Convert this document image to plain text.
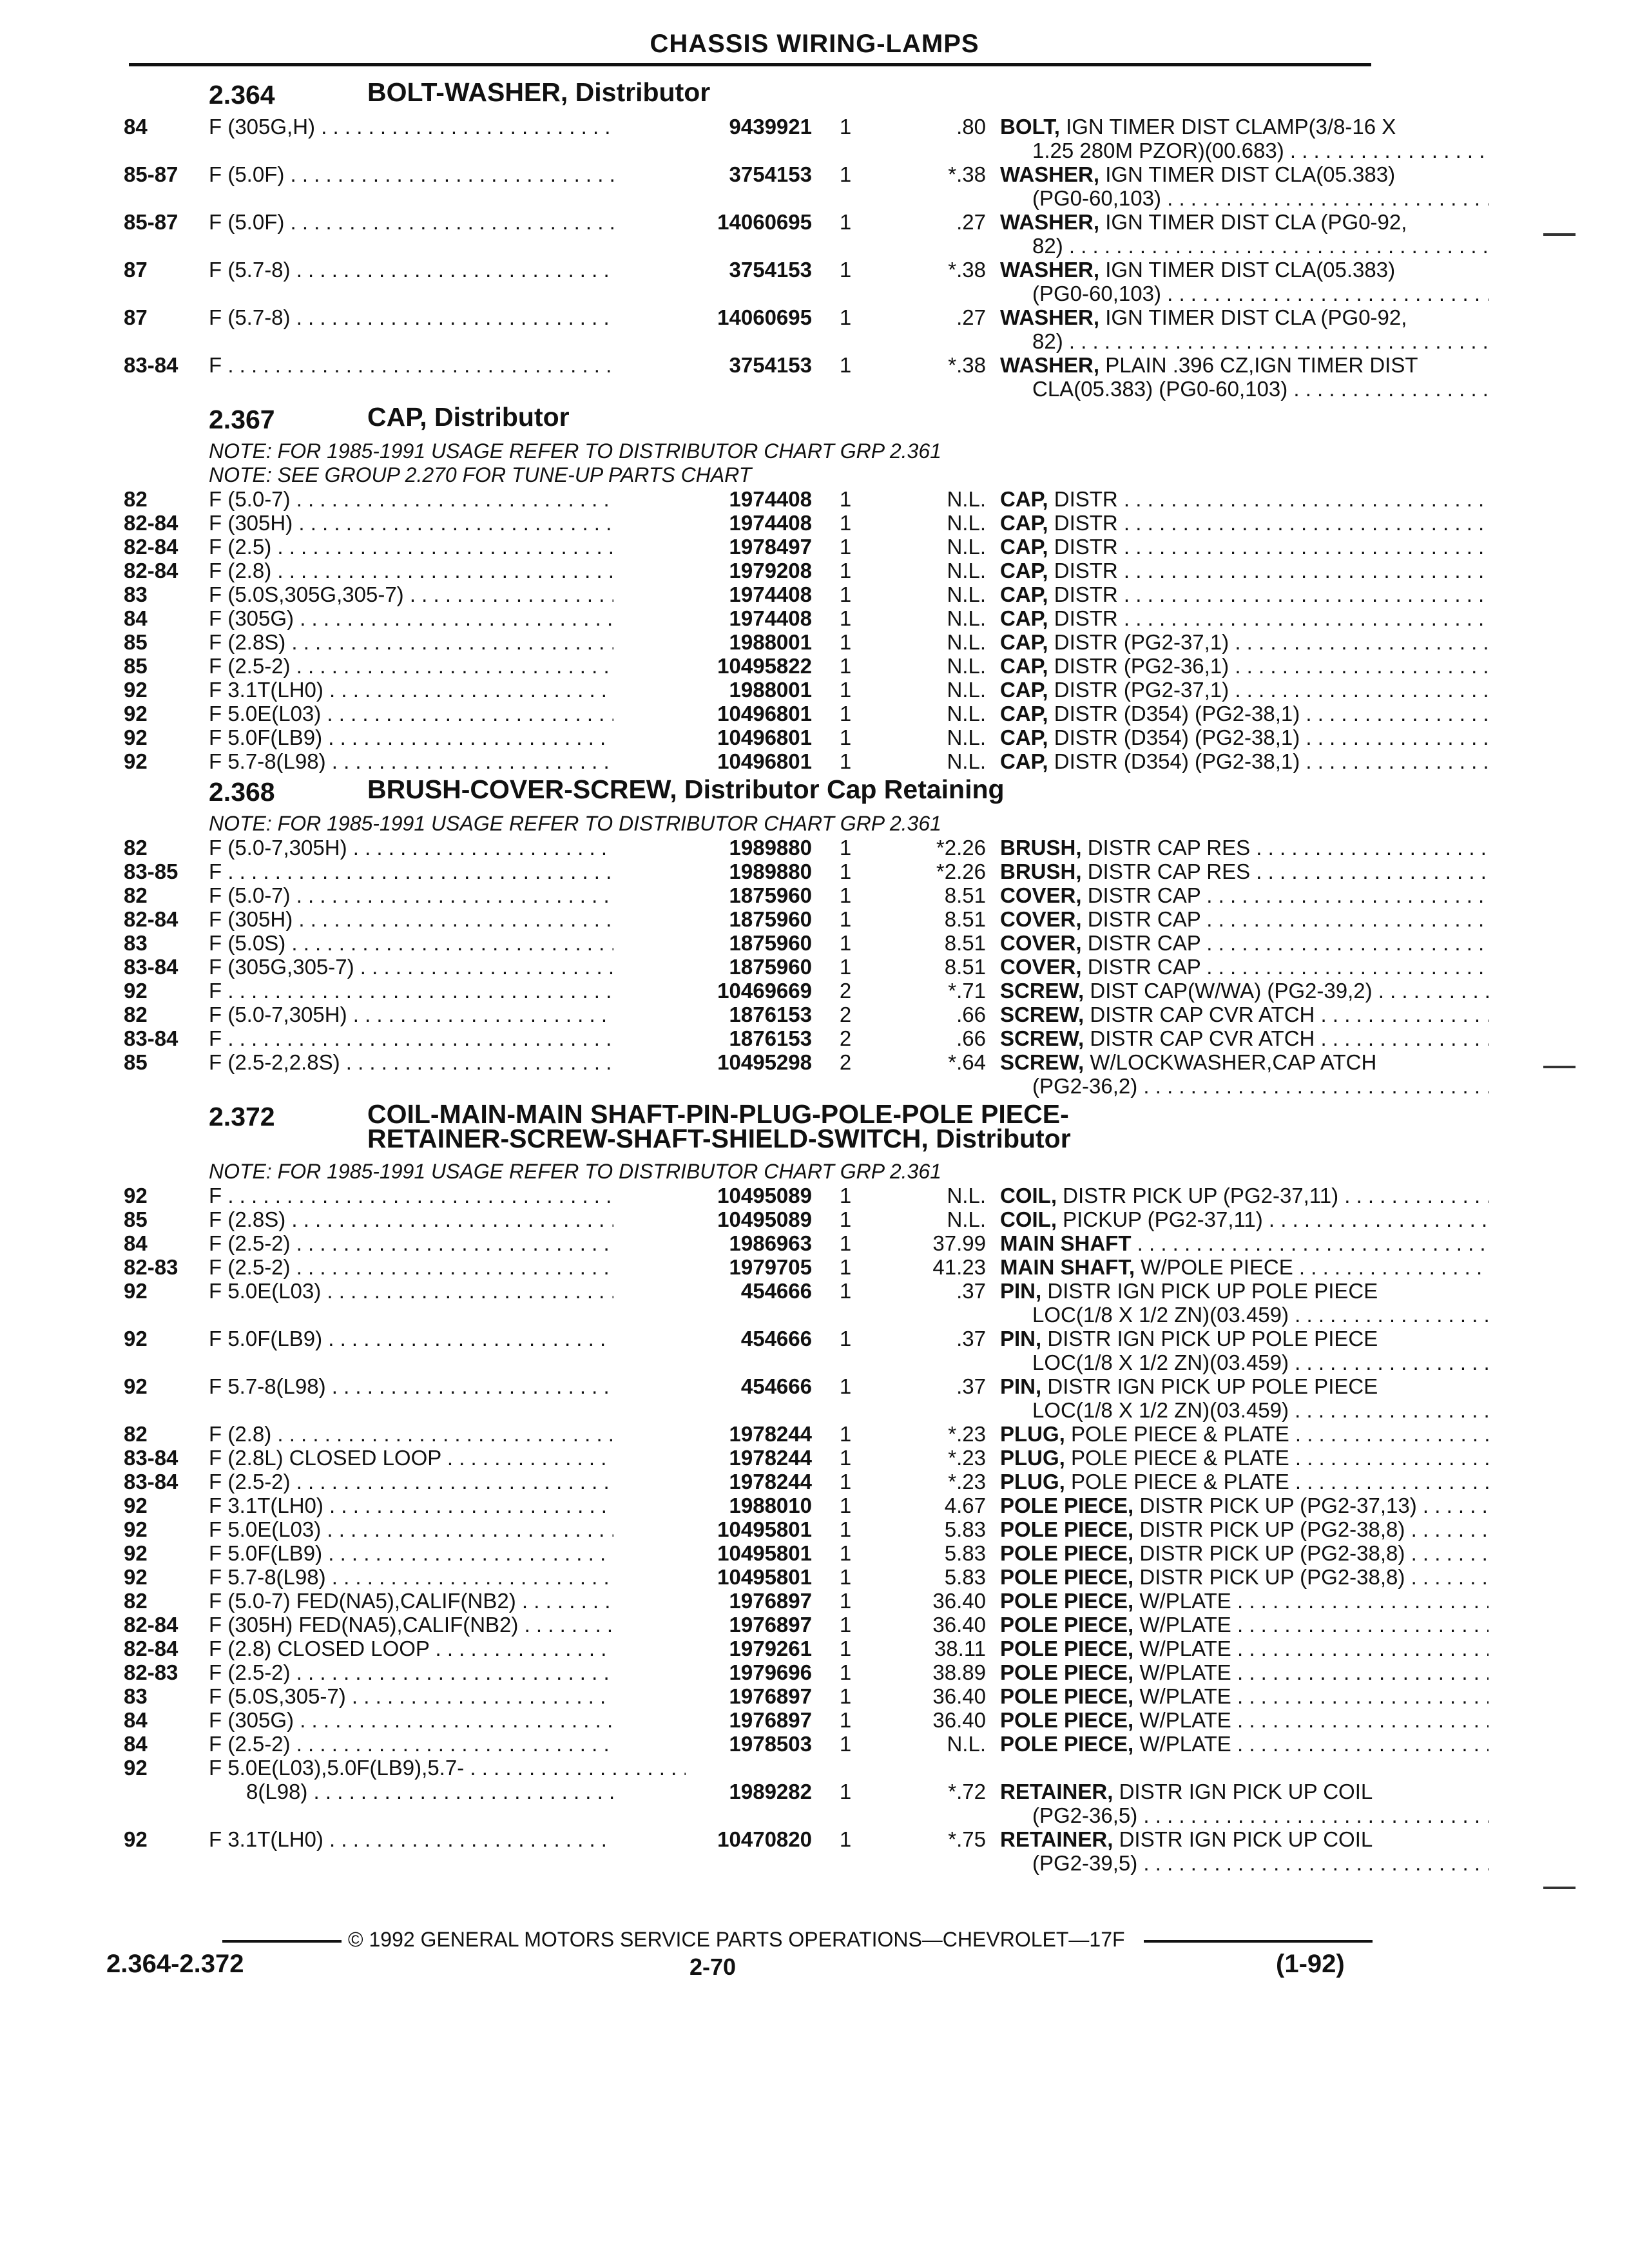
CHASSIS WIRING-LAMPS
2.364	BOLT-WASHER, Distributor
84	F (305G,H) . . .	9439921	1	.80 BOLT, IGN TIMER DIST CLAMP(3/8-16 X
1.25 280M PZOR)(00.683) . . .
85-87	F (5.0F) . . .	3754153	1	*.38 WASHER, IGN TIMER DIST CLA(05.383)
(PG0-60,103) . . .
85-87	F (5.0F) . . .	14060695	1	.27 WASHER, IGN TIMER DIST CLA (PG0-92,
82) . . .
87	F (5.7-8) . . .	3754153	1	*.38 WASHER, IGN TIMER DIST CLA(05.383)
(PG0-60,103) . . .
87	F (5.7-8) . . .	14060695	1	.27 WASHER, IGN TIMER DIST CLA (PG0-92,
82) . . .
83-84	F . . .	3754153	1	*.38 WASHER, PLAIN .396 CZ,IGN TIMER DIST
CLA(05.383) (PG0-60,103) . . .
2.367	CAP, Distributor
NOTE: FOR 1985-1991 USAGE REFER TO DISTRIBUTOR CHART GRP 2.361
NOTE: SEE GROUP 2.270 FOR TUNE-UP PARTS CHART
82	F (5.0-7) . . .	1974408	1	N.L. CAP, DISTR . . .
82-84	F (305H) . . .	1974408	1	N.L. CAP, DISTR . . .
82-84	F (2.5) . . .	1978497	1	N.L. CAP, DISTR . . .
82-84	F (2.8) . . .	1979208	1	N.L. CAP, DISTR . . .
83	F (5.0S,305G,305-7) . . .	1974408	1	N.L. CAP, DISTR . . .
84	F (305G) . . .	1974408	1	N.L. CAP, DISTR . . .
85	F (2.8S) . . .	1988001	1	N.L. CAP, DISTR (PG2-37,1) . . .
85	F (2.5-2) . . .	10495822	1	N.L. CAP, DISTR (PG2-36,1) . . .
92	F 3.1T(LH0) . . .	1988001	1	N.L. CAP, DISTR (PG2-37,1) . . .
92	F 5.0E(L03) . . .	10496801	1	N.L. CAP, DISTR (D354) (PG2-38,1) . . .
92	F 5.0F(LB9) . . .	10496801	1	N.L. CAP, DISTR (D354) (PG2-38,1) . . .
92	F 5.7-8(L98) . . .	10496801	1	N.L. CAP, DISTR (D354) (PG2-38,1) . . .
2.368	BRUSH-COVER-SCREW, Distributor Cap Retaining
NOTE: FOR 1985-1991 USAGE REFER TO DISTRIBUTOR CHART GRP 2.361
82	F (5.0-7,305H) . . .	1989880	1	*2.26 BRUSH, DISTR CAP RES . . .
83-85	F . . .	1989880	1	*2.26 BRUSH, DISTR CAP RES . . .
82	F (5.0-7) . . .	1875960	1	8.51 COVER, DISTR CAP . . .
82-84	F (305H) . . .	1875960	1	8.51 COVER, DISTR CAP . . .
83	F (5.0S) . . .	1875960	1	8.51 COVER, DISTR CAP . . .
83-84	F (305G,305-7) . . .	1875960	1	8.51 COVER, DISTR CAP . . .
92	F . . .	10469669	2	*.71 SCREW, DIST CAP(W/WA) (PG2-39,2) . . .
82	F (5.0-7,305H) . . .	1876153	2	.66 SCREW, DISTR CAP CVR ATCH . . .
83-84	F . . .	1876153	2	.66 SCREW, DISTR CAP CVR ATCH . . .
85	F (2.5-2,2.8S) . . .	10495298	2	*.64 SCREW, W/LOCKWASHER,CAP ATCH
(PG2-36,2) . . .
2.372	COIL-MAIN-MAIN SHAFT-PIN-PLUG-POLE-POLE PIECE-
RETAINER-SCREW-SHAFT-SHIELD-SWITCH, Distributor
NOTE: FOR 1985-1991 USAGE REFER TO DISTRIBUTOR CHART GRP 2.361
92	F . . .	10495089	1	N.L. COIL, DISTR PICK UP (PG2-37,11) . . .
85	F (2.8S) . . .	10495089	1	N.L. COIL, PICKUP (PG2-37,11) . . .
84	F (2.5-2) . . .	1986963	1	37.99 MAIN SHAFT . . .
82-83	F (2.5-2) . . .	1979705	1	41.23 MAIN SHAFT, W/POLE PIECE . . .
92	F 5.0E(L03) . . .	454666	1	.37 PIN, DISTR IGN PICK UP POLE PIECE
LOC(1/8 X 1/2 ZN)(03.459) . . .
92	F 5.0F(LB9) . . .	454666	1	.37 PIN, DISTR IGN PICK UP POLE PIECE
LOC(1/8 X 1/2 ZN)(03.459) . . .
92	F 5.7-8(L98) . . .	454666	1	.37 PIN, DISTR IGN PICK UP POLE PIECE
LOC(1/8 X 1/2 ZN)(03.459) . . .
82	F (2.8) . . .	1978244	1	*.23 PLUG, POLE PIECE & PLATE . . .
83-84	F (2.8L) CLOSED LOOP . . .	1978244	1	*.23 PLUG, POLE PIECE & PLATE . . .
83-84	F (2.5-2) . . .	1978244	1	*.23 PLUG, POLE PIECE & PLATE . . .
92	F 3.1T(LH0) . . .	1988010	1	4.67 POLE PIECE, DISTR PICK UP (PG2-37,13) . . .
92	F 5.0E(L03) . . .	10495801	1	5.83 POLE PIECE, DISTR PICK UP (PG2-38,8) . . .
92	F 5.0F(LB9) . . .	10495801	1	5.83 POLE PIECE, DISTR PICK UP (PG2-38,8) . . .
92	F 5.7-8(L98) . . .	10495801	1	5.83 POLE PIECE, DISTR PICK UP (PG2-38,8) . . .
82	F (5.0-7) FED(NA5),CALIF(NB2) . . .	1976897	1	36.40 POLE PIECE, W/PLATE . . .
82-84	F (305H) FED(NA5),CALIF(NB2) . . .	1976897	1	36.40 POLE PIECE, W/PLATE . . .
82-84	F (2.8) CLOSED LOOP . . .	1979261	1	38.11 POLE PIECE, W/PLATE . . .
82-83	F (2.5-2) . . .	1979696	1	38.89 POLE PIECE, W/PLATE . . .
83	F (5.0S,305-7) . . .	1976897	1	36.40 POLE PIECE, W/PLATE . . .
84	F (305G) . . .	1976897	1	36.40 POLE PIECE, W/PLATE . . .
84	F (2.5-2) . . .	1978503	1	N.L. POLE PIECE, W/PLATE . . .
92	F 5.0E(L03),5.0F(LB9),5.7- . . .
8(L98) . . .	1989282	1	*.72 RETAINER, DISTR IGN PICK UP COIL
(PG2-36,5) . . .
92	F 3.1T(LH0) . . .	10470820	1	*.75 RETAINER, DISTR IGN PICK UP COIL
(PG2-39,5) . . .
© 1992 GENERAL MOTORS SERVICE PARTS OPERATIONS—CHEVROLET—17F
2.364-2.372	2-70	(1-92)
